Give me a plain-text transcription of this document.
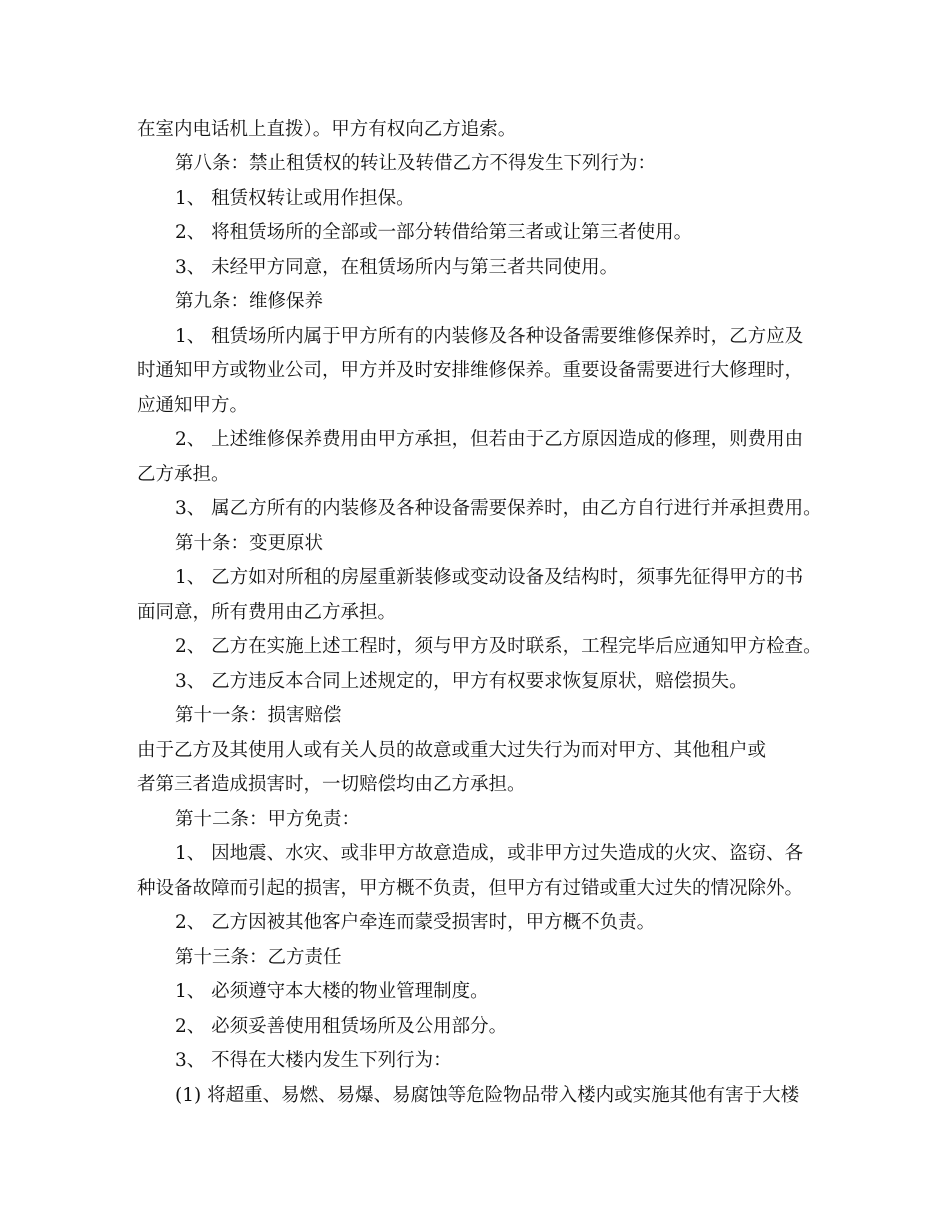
在室内电话机上直拨）。甲方有权向乙方追索。
第八条：禁止租赁权的转让及转借乙方不得发生下列行为：
1、 租赁权转让或用作担保。
2、 将租赁场所的全部或一部分转借给第三者或让第三者使用。
3、 未经甲方同意，在租赁场所内与第三者共同使用。
第九条：维修保养
1、 租赁场所内属于甲方所有的内装修及各种设备需要维修保养时，乙方应及
时通知甲方或物业公司，甲方并及时安排维修保养。重要设备需要进行大修理时，
应通知甲方。
2、 上述维修保养费用由甲方承担，但若由于乙方原因造成的修理，则费用由
乙方承担。
3、 属乙方所有的内装修及各种设备需要保养时，由乙方自行进行并承担费用。
第十条：变更原状
1、 乙方如对所租的房屋重新装修或变动设备及结构时，须事先征得甲方的书
面同意，所有费用由乙方承担。
2、 乙方在实施上述工程时，须与甲方及时联系，工程完毕后应通知甲方检查。
3、 乙方违反本合同上述规定的，甲方有权要求恢复原状，赔偿损失。
第十一条：损害赔偿
由于乙方及其使用人或有关人员的故意或重大过失行为而对甲方、其他租户或
者第三者造成损害时，一切赔偿均由乙方承担。
第十二条：甲方免责：
1、 因地震、水灾、或非甲方故意造成，或非甲方过失造成的火灾、盗窃、各
种设备故障而引起的损害，甲方概不负责，但甲方有过错或重大过失的情况除外。
2、 乙方因被其他客户牵连而蒙受损害时，甲方概不负责。
第十三条：乙方责任
1、 必须遵守本大楼的物业管理制度。
2、 必须妥善使用租赁场所及公用部分。
3、 不得在大楼内发生下列行为：
(1) 将超重、易燃、易爆、易腐蚀等危险物品带入楼内或实施其他有害于大楼
